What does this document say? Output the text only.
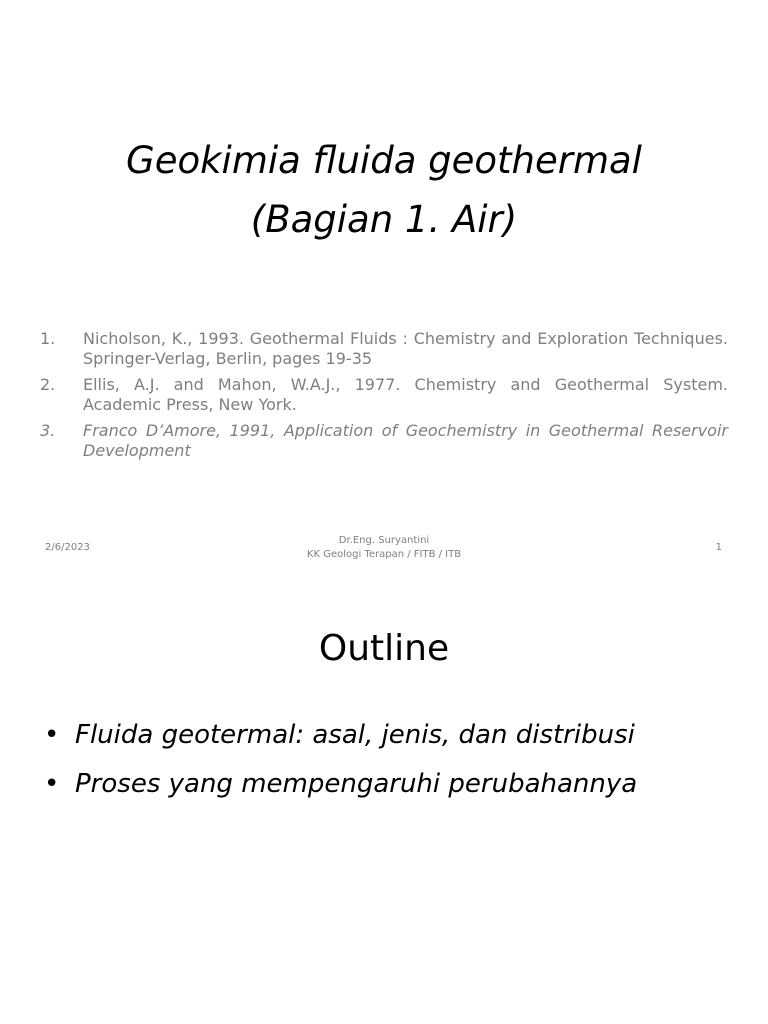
Geokimia fluida geothermal
(Bagian 1. Air)
1.	Nicholson, K., 1993. Geothermal Fluids : Chemistry and Exploration Techniques. Springer-Verlag, Berlin, pages 19-35
2.	Ellis, A.J. and Mahon, W.A.J., 1977. Chemistry and Geothermal System. Academic Press, New York.
3.	Franco D’Amore, 1991, Application of Geochemistry in Geothermal Reservoir Development
2/6/2023
Dr.Eng. Suryantini
KK Geologi Terapan / FITB / ITB
1
Outline
• Fluida geotermal: asal, jenis, dan distribusi
• Proses yang mempengaruhi perubahannya
